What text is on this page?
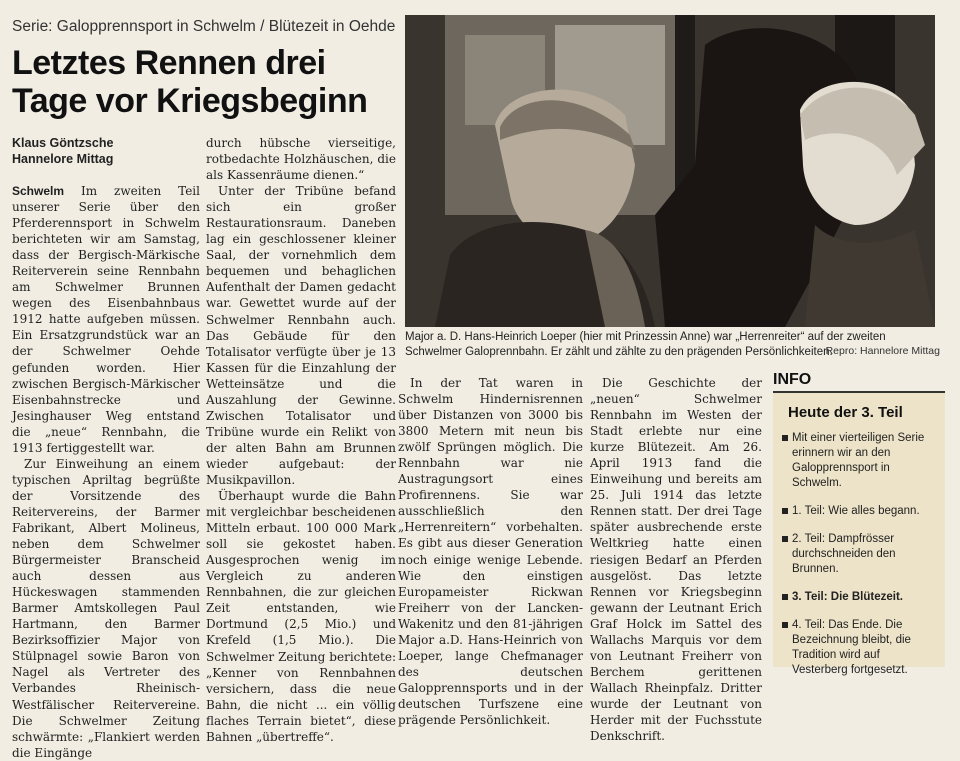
Serie: Galopprennsport in Schwelm / Blütezeit in Oehde
Letztes Rennen drei
Tage vor Kriegsbeginn
Klaus Göntzsche
Hannelore Mittag

Schwelm Im zweiten Teil unserer Serie über den Pferderennsport in Schwelm berichteten wir am Samstag, dass der Bergisch-Märkische Reiterverein seine Rennbahn am Schwelmer Brunnen wegen des Eisenbahnbaus 1912 hatte aufgeben müssen. Ein Ersatzgrundstück war an der Schwelmer Oehde gefunden worden. Hier zwischen Bergisch-Märkischer Eisenbahnstrecke und Jesinghauser Weg entstand die „neue“ Rennbahn, die 1913 fertiggestellt war.

Zur Einweihung an einem typischen Apriltag begrüßte der Vorsitzende des Reitervereins, der Barmer Fabrikant, Albert Molineus, neben dem Schwelmer Bürgermeister Branscheid auch dessen aus Hückeswagen stammenden Barmer Amtskollegen Paul Hartmann, den Barmer Bezirksoffizier Major von Stülpnagel sowie Baron von Nagel als Vertreter des Verbandes Rheinisch-Westfälischer Reitervereine. Die Schwelmer Zeitung schwärmte: „Flankiert werden die Eingänge

durch hübsche vierseitige, rotbedachte Holzhäuschen, die als Kassenräume dienen.“

Unter der Tribüne befand sich ein großer Restaurationsraum. Daneben lag ein geschlossener kleiner Saal, der vornehmlich dem bequemen und behaglichen Aufenthalt der Damen gedacht war. Gewettet wurde auf der Schwelmer Rennbahn auch. Das Gebäude für den Totalisator verfügte über je 13 Kassen für die Einzahlung der Wetteinsätze und die Auszahlung der Gewinne. Zwischen Totalisator und Tribüne wurde ein Relikt von der alten Bahn am Brunnen wieder aufgebaut: der Musikpavillon.

Überhaupt wurde die Bahn mit vergleichbar bescheidenen Mitteln erbaut. 100 000 Mark soll sie gekostet haben. Ausgesprochen wenig im Vergleich zu anderen Rennbahnen, die zur gleichen Zeit entstanden, wie Dortmund (2,5 Mio.) und Krefeld (1,5 Mio.). Die Schwelmer Zeitung berichtete: „Kenner von Rennbahnen versichern, dass die neue Bahn, die nicht ... ein völlig flaches Terrain bietet“, diese Bahnen „übertreffe“.

Major a. D. Hans-Heinrich Loeper (hier mit Prinzessin Anne) war „Herrenreiter“ auf der zweiten Schwelmer Galoprennbahn. Er zählt und zählte zu den prägenden Persönlichkeiten.
Repro: Hannelore Mittag

In der Tat waren in Schwelm Hindernisrennen über Distanzen von 3000 bis 3800 Metern mit neun bis zwölf Sprüngen möglich. Die Rennbahn war nie Austragungsort eines Profirennens. Sie war ausschließlich den „Herrenreitern“ vorbehalten. Es gibt aus dieser Generation noch einige wenige Lebende. Wie den einstigen Europameister Rickwan Freiherr von der Lancken-Wakenitz und den 81-jährigen Major a.D. Hans-Heinrich von Loeper, lange Chefmanager des deutschen Galopprennsports und in der deutschen Turfszene eine prägende Persönlichkeit.

Die Geschichte der „neuen“ Schwelmer Rennbahn im Westen der Stadt erlebte nur eine kurze Blütezeit. Am 26. April 1913 fand die Einweihung und bereits am 25. Juli 1914 das letzte Rennen statt. Der drei Tage später ausbrechende erste Weltkrieg hatte einen riesigen Bedarf an Pferden ausgelöst. Das letzte Rennen vor Kriegsbeginn gewann der Leutnant Erich Graf Holck im Sattel des Wallachs Marquis vor dem von Leutnant Freiherr von Berchem gerittenen Wallach Rheinpfalz. Dritter wurde der Leutnant von Herder mit der Fuchsstute Denkschrift.

INFO
Heute der 3. Teil
Mit einer vierteiligen Serie erinnern wir an den Galopprennsport in Schwelm.
1. Teil: Wie alles begann.
2. Teil: Dampfrösser durchschneiden den Brunnen.
3. Teil: Die Blütezeit.
4. Teil: Das Ende. Die Bezeichnung bleibt, die Tradition wird auf Vesterberg fortgesetzt.
